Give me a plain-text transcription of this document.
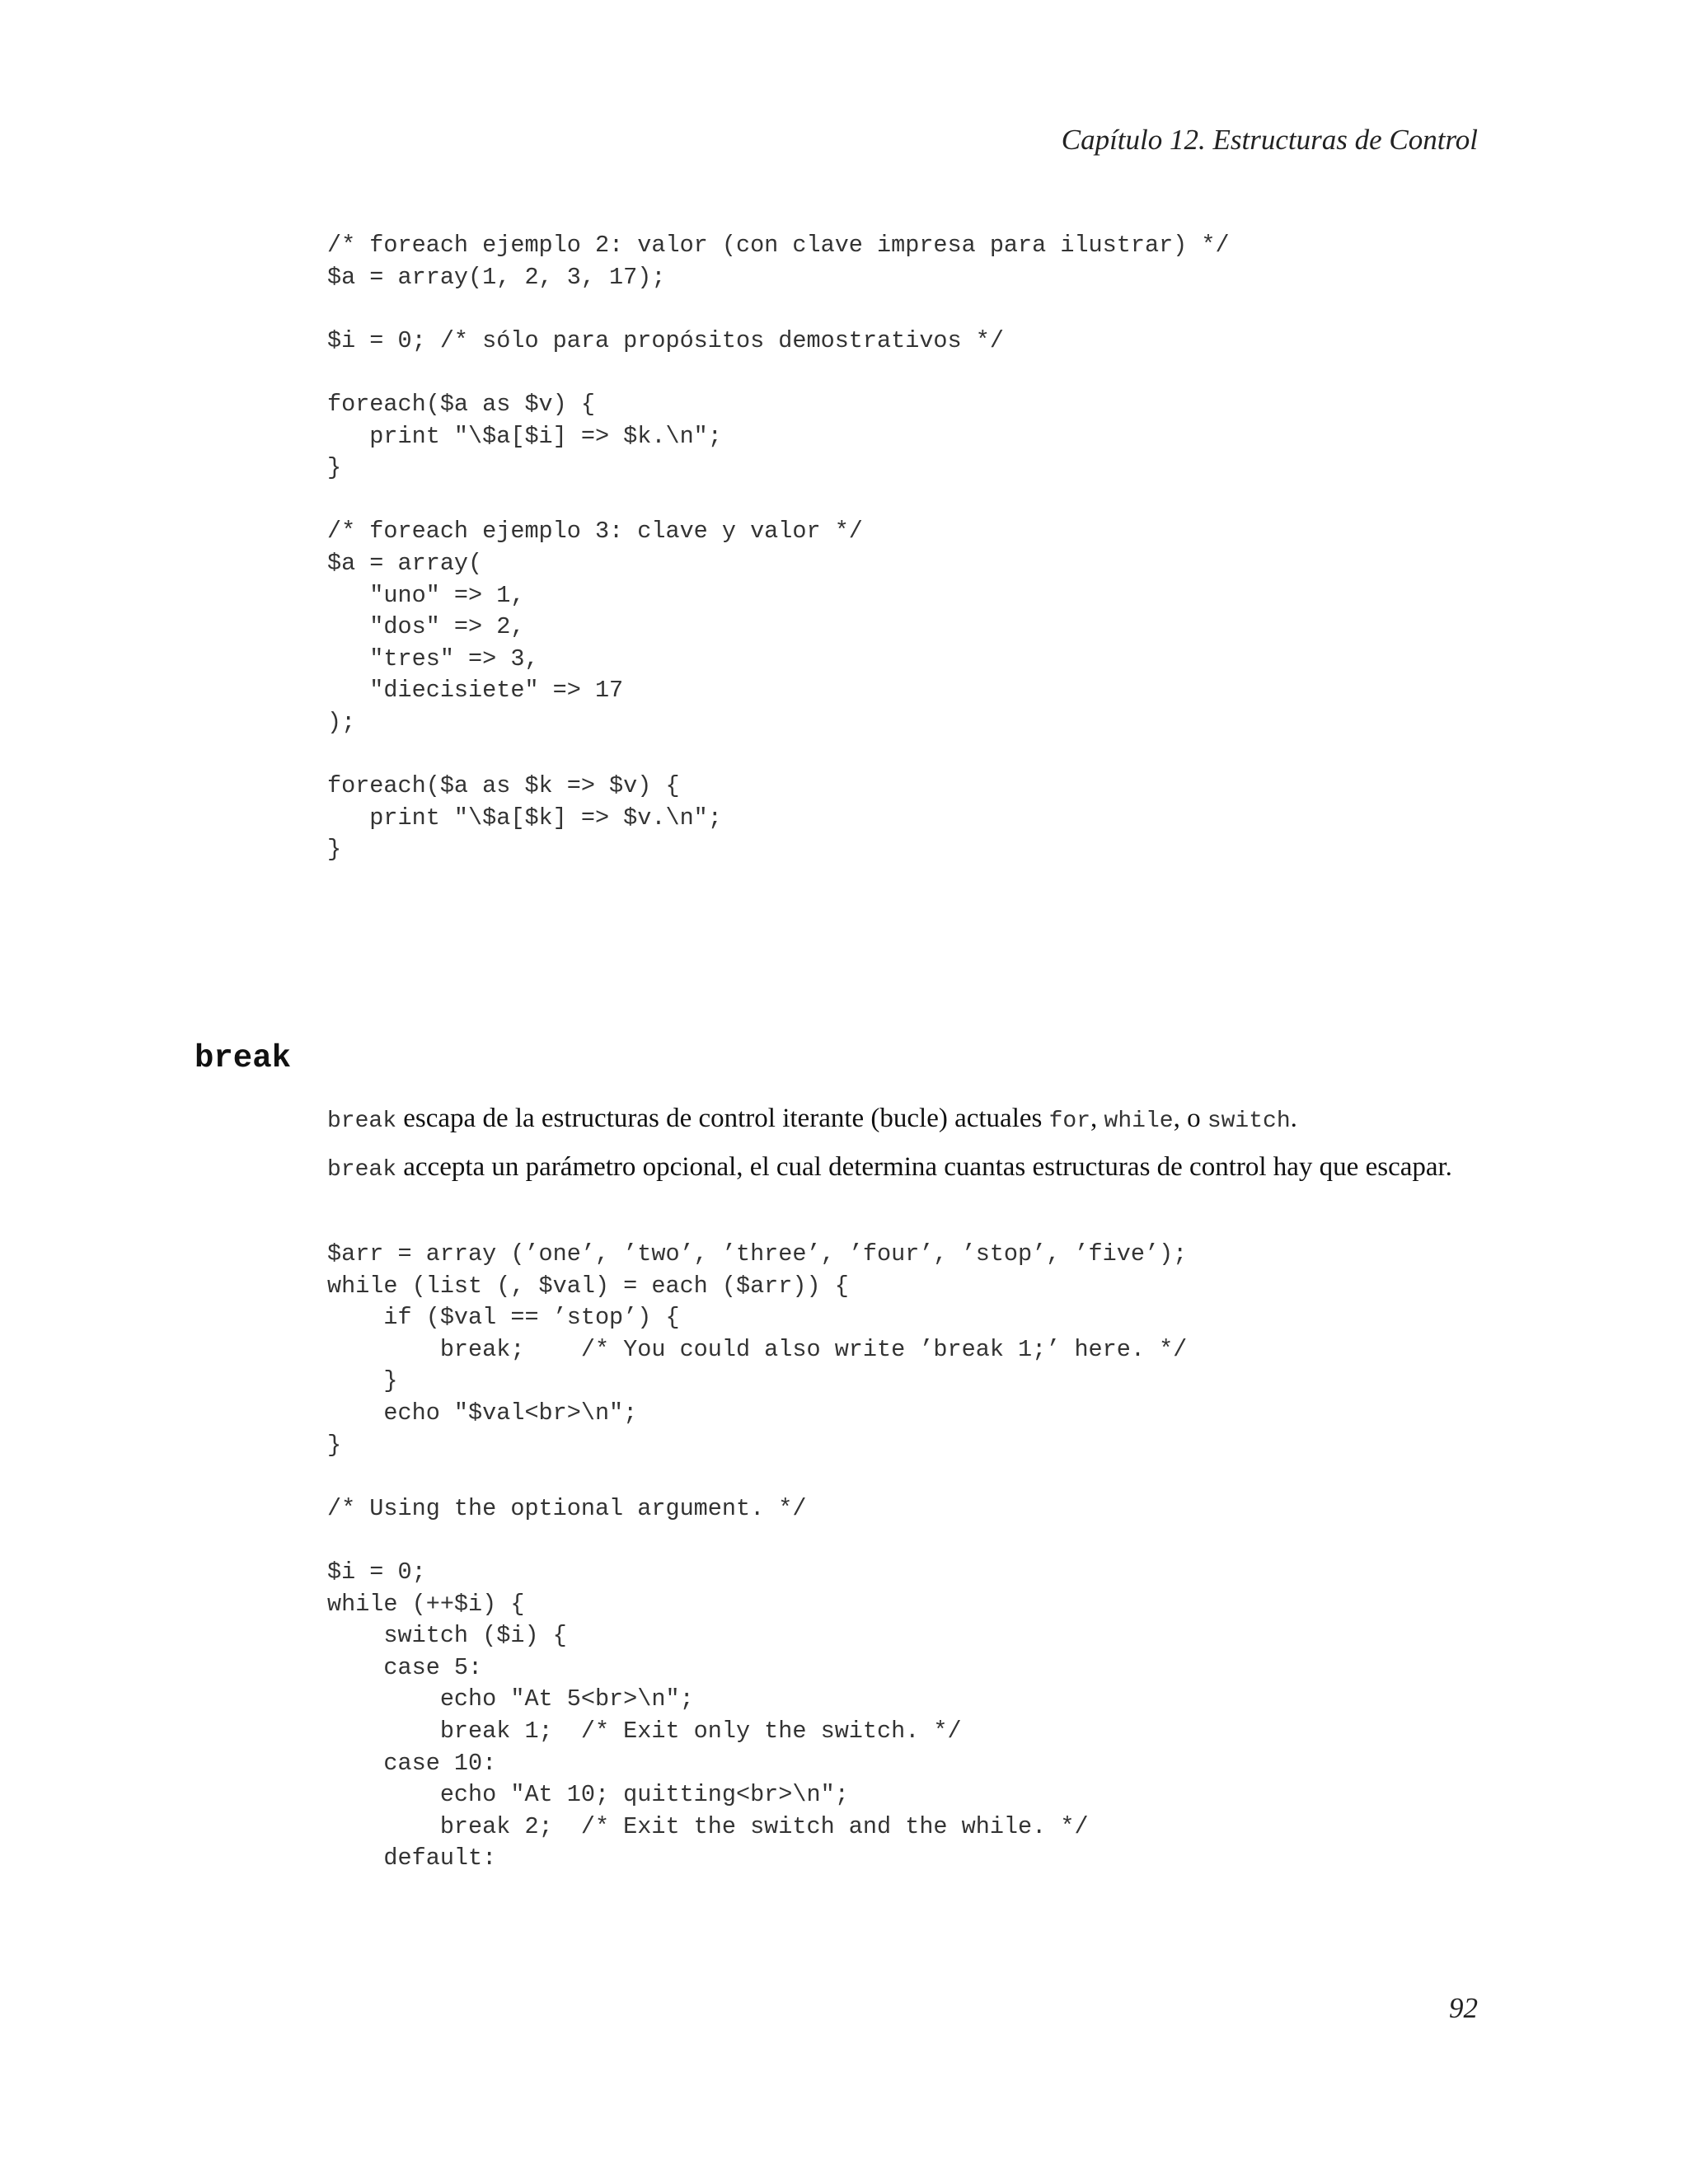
Capítulo 12. Estructuras de Control
/* foreach ejemplo 2: valor (con clave impresa para ilustrar) */
$a = array(1, 2, 3, 17);

$i = 0; /* sólo para propósitos demostrativos */

foreach($a as $v) {
print "\$a[$i] => $k.\n";
}

/* foreach ejemplo 3: clave y valor */
$a = array(
"uno" => 1,
"dos" => 2,
"tres" => 3,
"diecisiete" => 17
);

foreach($a as $k => $v) {
print "\$a[$k] => $v.\n";
}
break

break escapa de la estructuras de control iterante (bucle) actuales for, while, o switch.

break accepta un parámetro opcional, el cual determina cuantas estructuras de control hay que escapar.

$arr = array (’one’, ’two’, ’three’, ’four’, ’stop’, ’five’);
while (list (, $val) = each ($arr)) {
if ($val == ’stop’) {
break;    /* You could also write ’break 1;’ here. */
}
echo "$val<br>\n";
}

/* Using the optional argument. */

$i = 0;
while (++$i) {
switch ($i) {
case 5:
echo "At 5<br>\n";
break 1;  /* Exit only the switch. */
case 10:
echo "At 10; quitting<br>\n";
break 2;  /* Exit the switch and the while. */
default:
92
